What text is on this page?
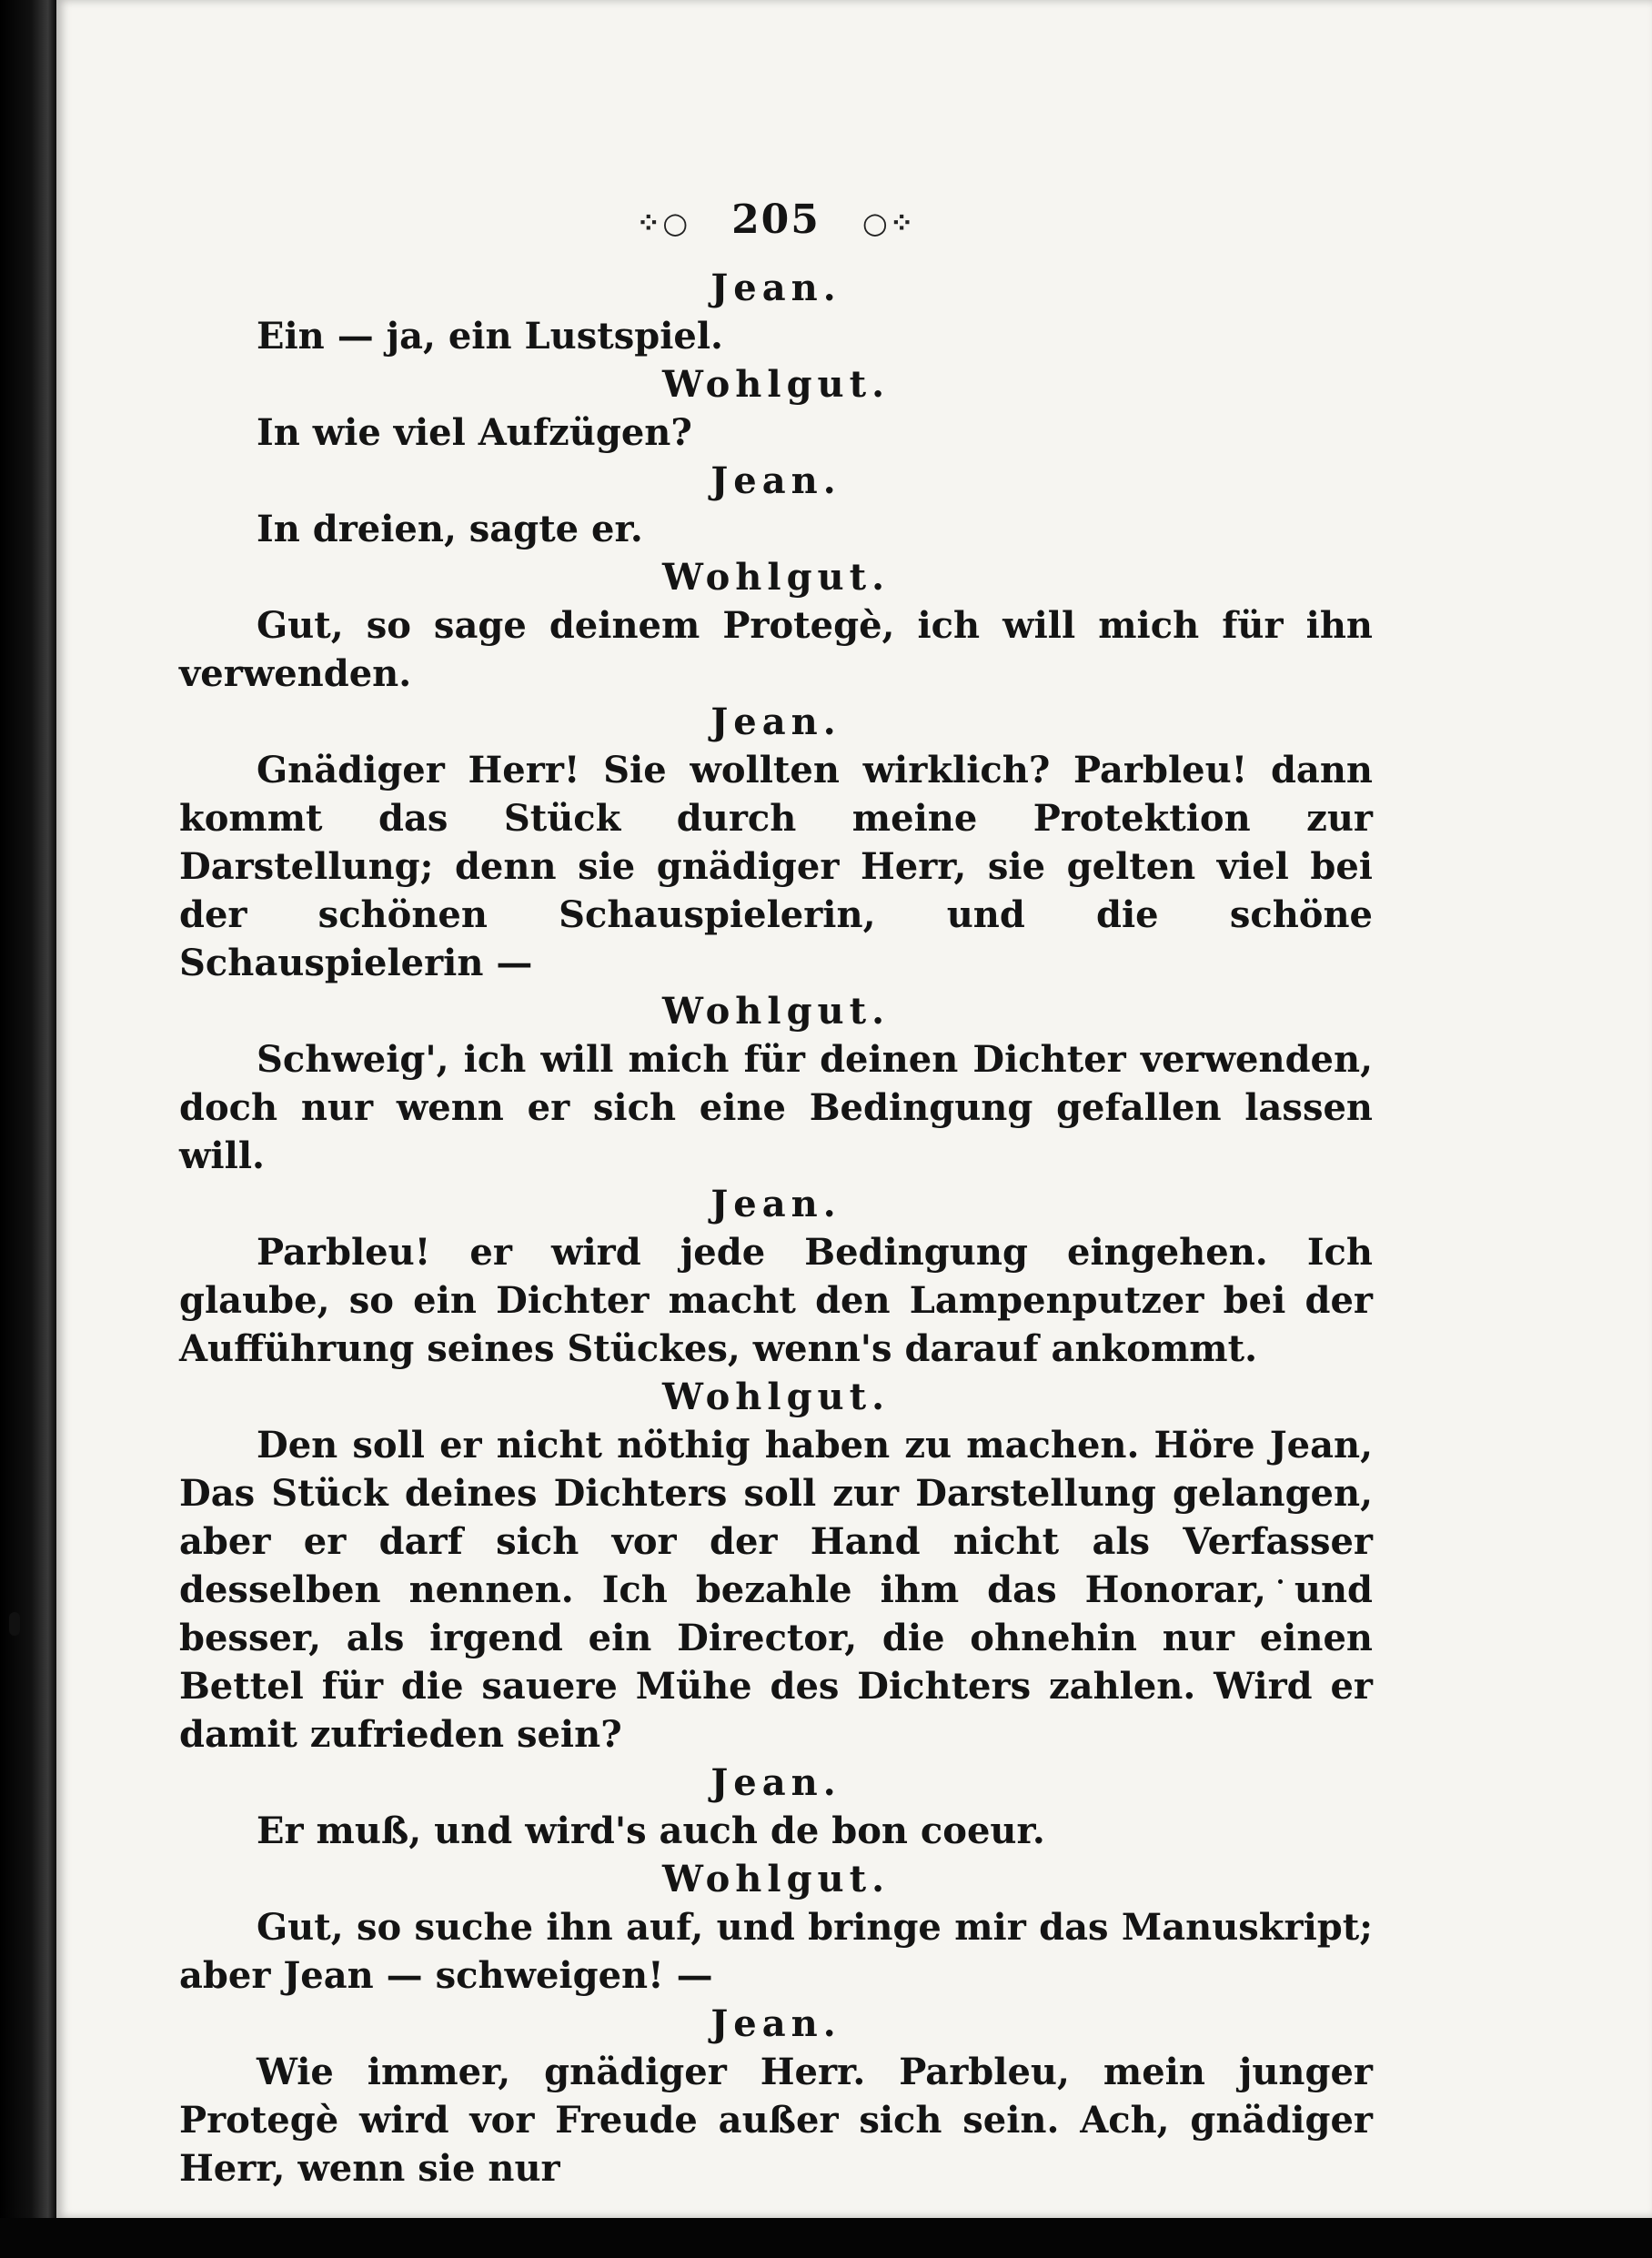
⁘○ 205 ○⁘
Jean.
Ein — ja, ein Lustspiel.
Wohlgut.
In wie viel Aufzügen?
Jean.
In dreien, sagte er.
Wohlgut.
Gut, so sage deinem Protegè, ich will mich für ihn verwenden.
Jean.
Gnädiger Herr! Sie wollten wirklich? Parbleu! dann kommt das Stück durch meine Protektion zur Darstellung; denn sie gnädiger Herr, sie gelten viel bei der schönen Schauspielerin, und die schöne Schauspielerin —
Wohlgut.
Schweig', ich will mich für deinen Dichter verwenden, doch nur wenn er sich eine Bedingung gefallen lassen will.
Jean.
Parbleu! er wird jede Bedingung eingehen. Ich glaube, so ein Dichter macht den Lampenputzer bei der Aufführung seines Stückes, wenn's darauf ankommt.
Wohlgut.
Den soll er nicht nöthig haben zu machen. Höre Jean, Das Stück deines Dichters soll zur Darstellung gelangen, aber er darf sich vor der Hand nicht als Verfasser desselben nennen. Ich bezahle ihm das Honorar, und besser, als irgend ein Director, die ohnehin nur einen Bettel für die sauere Mühe des Dichters zahlen. Wird er damit zufrieden sein?
Jean.
Er muß, und wird's auch de bon coeur.
Wohlgut.
Gut, so suche ihn auf, und bringe mir das Manuskript; aber Jean — schweigen! —
Jean.
Wie immer, gnädiger Herr. Parbleu, mein junger Protegè wird vor Freude außer sich sein. Ach, gnädiger Herr, wenn sie nur
